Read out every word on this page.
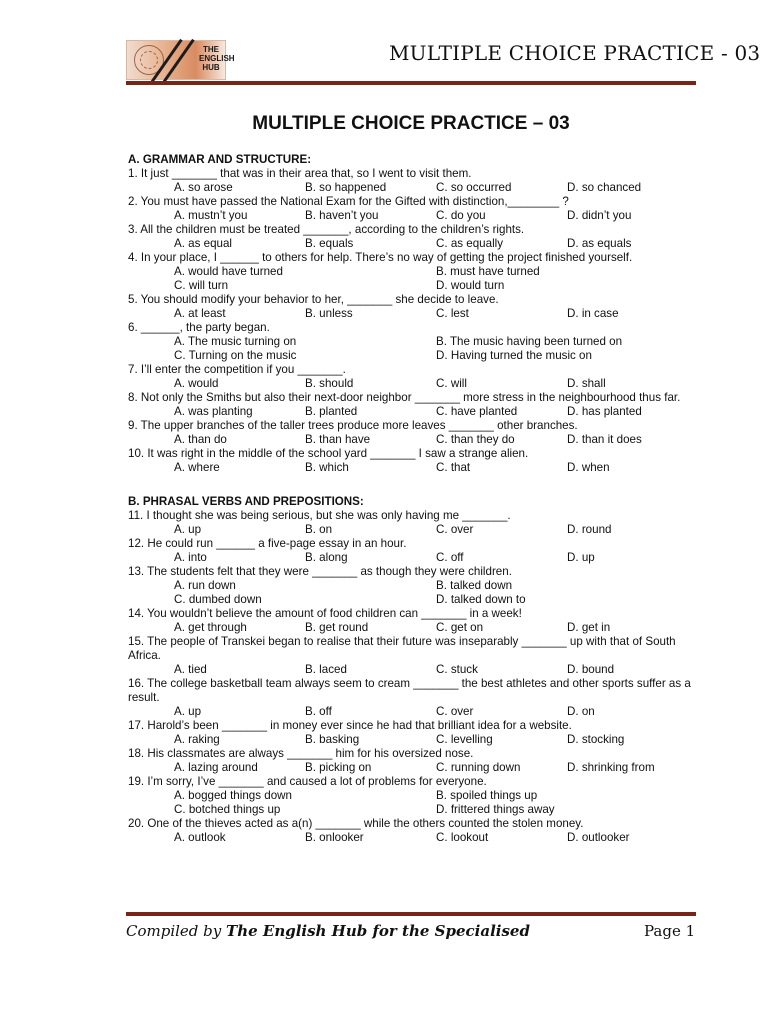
THE
ENGLISH
HUB
MULTIPLE CHOICE PRACTICE - 03
MULTIPLE CHOICE PRACTICE – 03
A. GRAMMAR AND STRUCTURE:
1. It just _______ that was in their area that, so I went to visit them.
A. so arose	B. so happened	C. so occurred	D. so chanced
2. You must have passed the National Exam for the Gifted with distinction,________ ?
A. mustn’t you	B. haven’t you	C. do you	D. didn’t you
3. All the children must be treated _______, according to the children’s rights.
A. as equal	B. equals	C. as equally	D. as equals
4. In your place, I ______ to others for help. There’s no way of getting the project finished yourself.
A. would have turned	B. must have turned
C. will turn	D. would turn
5. You should modify your behavior to her, _______ she decide to leave.
A. at least	B. unless	C. lest	D. in case
6. ______, the party began.
A. The music turning on	B. The music having been turned on
C. Turning on the music	D. Having turned the music on
7. I’ll enter the competition if you _______.
A. would	B. should	C. will	D. shall
8. Not only the Smiths but also their next-door neighbor _______ more stress in the neighbourhood thus far.
A. was planting	B. planted	C. have planted	D. has planted
9. The upper branches of the taller trees produce more leaves _______ other branches.
A. than do	B. than have	C. than they do	D. than it does
10. It was right in the middle of the school yard _______ I saw a strange alien.
A. where	B. which	C. that	D. when
B. PHRASAL VERBS AND PREPOSITIONS:
11. I thought she was being serious, but she was only having me _______.
A. up	B. on	C. over	D. round
12. He could run ______ a five-page essay in an hour.
A. into	B. along	C. off	D. up
13. The students felt that they were _______ as though they were children.
A. run down	B. talked down
C. dumbed down	D. talked down to
14. You wouldn’t believe the amount of food children can _______ in a week!
A. get through	B. get round	C. get on	D. get in
15. The people of Transkei began to realise that their future was inseparably _______ up with that of South Africa.
A. tied	B. laced	C. stuck	D. bound
16. The college basketball team always seem to cream _______ the best athletes and other sports suffer as a result.
A. up	B. off	C. over	D. on
17. Harold’s been _______ in money ever since he had that brilliant idea for a website.
A. raking	B. basking	C. levelling	D. stocking
18. His classmates are always _______ him for his oversized nose.
A. lazing around	B. picking on	C. running down	D. shrinking from
19. I’m sorry, I’ve _______ and caused a lot of problems for everyone.
A. bogged things down	B. spoiled things up
C. botched things up	D. frittered things away
20. One of the thieves acted as a(n) _______ while the others counted the stolen money.
A. outlook	B. onlooker	C. lookout	D. outlooker
Compiled by The English Hub for the Specialised	Page 1
